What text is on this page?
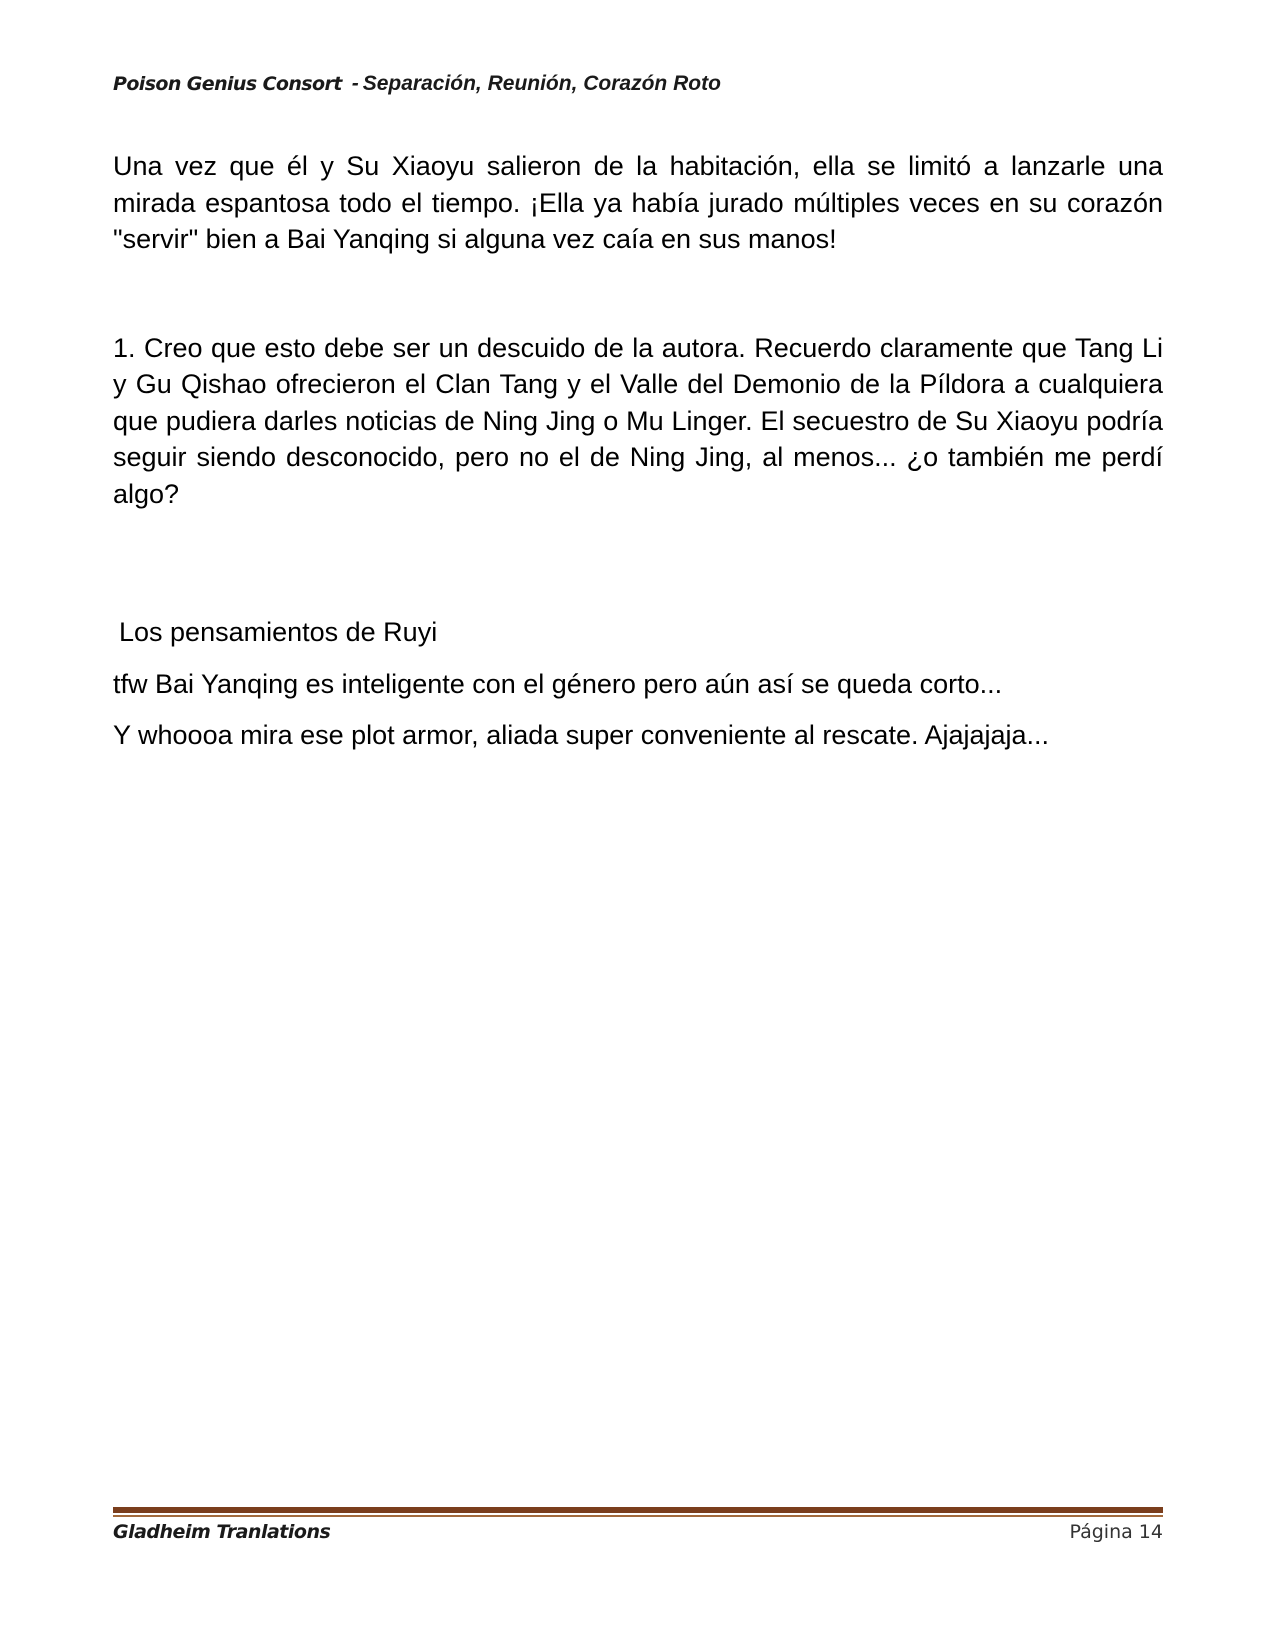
Poison Genius Consort - Separación, Reunión, Corazón Roto

Una vez que él y Su Xiaoyu salieron de la habitación, ella se limitó a lanzarle una mirada espantosa todo el tiempo. ¡Ella ya había jurado múltiples veces en su corazón "servir" bien a Bai Yanqing si alguna vez caía en sus manos!

1. Creo que esto debe ser un descuido de la autora. Recuerdo claramente que Tang Li y Gu Qishao ofrecieron el Clan Tang y el Valle del Demonio de la Píldora a cualquiera que pudiera darles noticias de Ning Jing o Mu Linger. El secuestro de Su Xiaoyu podría seguir siendo desconocido, pero no el de Ning Jing, al menos... ¿o también me perdí algo?

Los pensamientos de Ruyi

tfw Bai Yanqing es inteligente con el género pero aún así se queda corto...

Y whoooa mira ese plot armor, aliada super conveniente al rescate. Ajajajaja...

Gladheim Tranlations	Página 14
